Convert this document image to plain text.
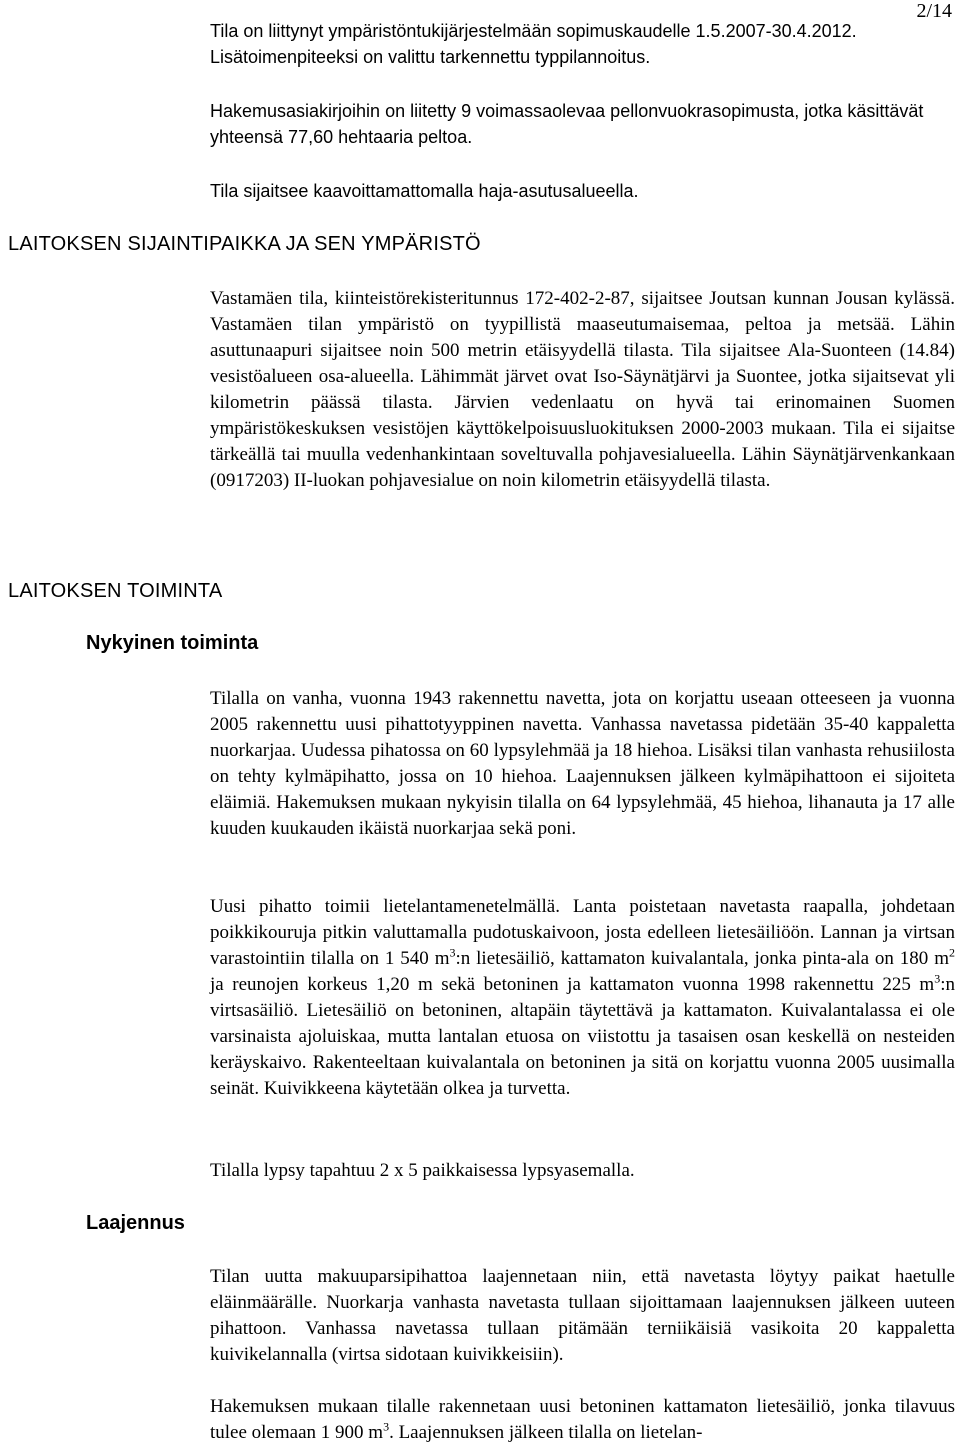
2/14

Tila on liittynyt ympäristöntukijärjestelmään sopimuskaudelle 1.5.2007-30.4.2012. Lisätoimenpiteeksi on valittu tarkennettu typpilannoitus.

Hakemusasiakirjoihin on liitetty 9 voimassaolevaa pellonvuokrasopimusta, jotka käsittävät yhteensä 77,60 hehtaaria peltoa.

Tila sijaitsee kaavoittamattomalla haja-asutusalueella.

LAITOKSEN SIJAINTIPAIKKA JA SEN YMPÄRISTÖ

Vastamäen tila, kiinteistörekisteritunnus 172-402-2-87, sijaitsee Joutsan kunnan Jousan kylässä. Vastamäen tilan ympäristö on tyypillistä maaseutumaisemaa, peltoa ja metsää. Lähin asuttunaapuri sijaitsee noin 500 metrin etäisyydellä tilasta. Tila sijaitsee Ala-Suonteen (14.84) vesistöalueen osa-alueella. Lähimmät järvet ovat Iso-Säynätjärvi ja Suontee, jotka sijaitsevat yli kilometrin päässä tilasta. Järvien vedenlaatu on hyvä tai erinomainen Suomen ympäristökeskuksen vesistöjen käyttökelpoisuusluokituksen 2000-2003 mukaan. Tila ei sijaitse tärkeällä tai muulla vedenhankintaan soveltuvalla pohjavesialueella. Lähin Säynätjärvenkankaan (0917203) II-luokan pohjavesialue on noin kilometrin etäisyydellä tilasta.

LAITOKSEN TOIMINTA
Nykyinen toiminta

Tilalla on vanha, vuonna 1943 rakennettu navetta, jota on korjattu useaan otteeseen ja vuonna 2005 rakennettu uusi pihattotyyppinen navetta. Vanhassa navetassa pidetään 35-40 kappaletta nuorkarjaa. Uudessa pihatossa on 60 lypsylehmää ja 18 hiehoa. Lisäksi tilan vanhasta rehusiilosta on tehty kylmäpihatto, jossa on 10 hiehoa. Laajennuksen jälkeen kylmäpihattoon ei sijoiteta eläimiä. Hakemuksen mukaan nykyisin tilalla on 64 lypsylehmää, 45 hiehoa, lihanauta ja 17 alle kuuden kuukauden ikäistä nuorkarjaa sekä poni.

Uusi pihatto toimii lietelantamenetelmällä. Lanta poistetaan navetasta raapalla, johdetaan poikkikouruja pitkin valuttamalla pudotuskaivoon, josta edelleen lietesäiliöön. Lannan ja virtsan varastointiin tilalla on 1 540 $m^3:n$ lietesäiliö, kattamaton kuivalantala, jonka pinta-ala on 180 $m^2$ ja reunojen korkeus 1,20 m sekä betoninen ja kattamaton vuonna 1998 rakennettu 225 $m^3:n$ virtsasäiliö. Lietesäiliö on betoninen, altapäin täytettävä ja kattamaton. Kuivalantalassa ei ole varsinaista ajoluiskaa, mutta lantalan etuosa on viistottu ja tasaisen osan keskellä on nesteiden keräyskaivo. Rakenteeltaan kuivalantala on betoninen ja sitä on korjattu vuonna 2005 uusimalla seinät. Kuivikkeena käytetään olkea ja turvetta.

Tilalla lypsy tapahtuu 2 x 5 paikkaisessa lypsyasemalla.

Laajennus

Tilan uutta makuuparsipihattoa laajennetaan niin, että navetasta löytyy paikat haetulle eläinmäärälle. Nuorkarja vanhasta navetasta tullaan sijoittamaan laajennuksen jälkeen uuteen pihattoon. Vanhassa navetassa tullaan pitämään terniikäisiä vasikoita 20 kappaletta kuivikelannalla (virtsa sidotaan kuivikkeisiin).

Hakemuksen mukaan tilalle rakennetaan uusi betoninen kattamaton lietesäiliö, jonka tilavuus tulee olemaan 1 900 $m^3$. Laajennuksen jälkeen tilalla on lietelan-
